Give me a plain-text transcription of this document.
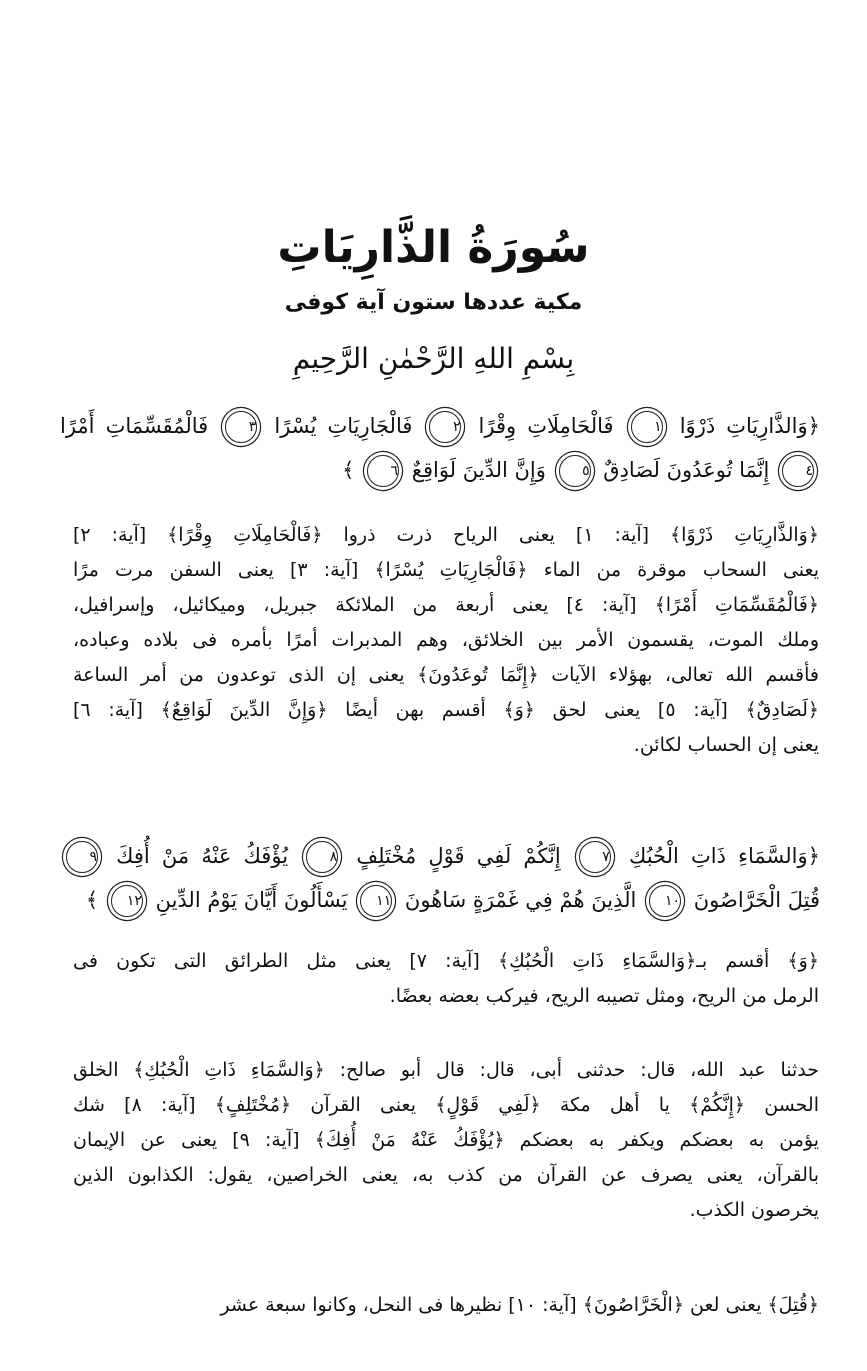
سُورَةُ الذَّارِيَاتِ
مكية عددها ستون آية كوفى
بِسْمِ اللهِ الرَّحْمٰنِ الرَّحِيمِ
﴿وَالذَّارِيَاتِ ذَرْوًا ١ فَالْحَامِلَاتِ وِقْرًا ٢ فَالْجَارِيَاتِ يُسْرًا ٣ فَالْمُقَسِّمَاتِ أَمْرًا
٤ إِنَّمَا تُوعَدُونَ لَصَادِقٌ ٥ وَإِنَّ الدِّينَ لَوَاقِعٌ ٦ ﴾
﴿وَالذَّارِيَاتِ ذَرْوًا﴾ [آية: ١] يعنى الرياح ذرت ذروا ﴿فَالْحَامِلَاتِ وِقْرًا﴾ [آية: ٢]
يعنى السحاب موقرة من الماء ﴿فَالْجَارِيَاتِ يُسْرًا﴾ [آية: ٣] يعنى السفن مرت مرًا
﴿فَالْمُقَسِّمَاتِ أَمْرًا﴾ [آية: ٤] يعنى أربعة من الملائكة جبريل، وميكائيل، وإسرافيل،
وملك الموت، يقسمون الأمر بين الخلائق، وهم المدبرات أمرًا بأمره فى بلاده وعباده،
فأقسم الله تعالى، بهؤلاء الآيات ﴿إِنَّمَا تُوعَدُونَ﴾ يعنى إن الذى توعدون من أمر الساعة
﴿لَصَادِقٌ﴾ [آية: ٥] يعنى لحق ﴿وَ﴾ أقسم بهن أيضًا ﴿وَإِنَّ الدِّينَ لَوَاقِعٌ﴾ [آية: ٦]
يعنى إن الحساب لكائن.
﴿وَالسَّمَاءِ ذَاتِ الْحُبُكِ ٧ إِنَّكُمْ لَفِي قَوْلٍ مُخْتَلِفٍ ٨ يُؤْفَكُ عَنْهُ مَنْ أُفِكَ ٩
قُتِلَ الْخَرَّاصُونَ ١٠ الَّذِينَ هُمْ فِي غَمْرَةٍ سَاهُونَ ١١ يَسْأَلُونَ أَيَّانَ يَوْمُ الدِّينِ ١٢ ﴾
﴿وَ﴾ أقسم بـ﴿وَالسَّمَاءِ ذَاتِ الْحُبُكِ﴾ [آية: ٧] يعنى مثل الطرائق التى تكون فى
الرمل من الريح، ومثل تصيبه الريح، فيركب بعضه بعضًا.
حدثنا عبد الله، قال: حدثنى أبى، قال: قال أبو صالح: ﴿وَالسَّمَاءِ ذَاتِ الْحُبُكِ﴾ الخلق
الحسن ﴿إِنَّكُمْ﴾ يا أهل مكة ﴿لَفِي قَوْلٍ﴾ يعنى القرآن ﴿مُخْتَلِفٍ﴾ [آية: ٨] شك
يؤمن به بعضكم ويكفر به بعضكم ﴿يُؤْفَكُ عَنْهُ مَنْ أُفِكَ﴾ [آية: ٩] يعنى عن الإيمان
بالقرآن، يعنى يصرف عن القرآن من كذب به، يعنى الخراصين، يقول: الكذابون الذين
يخرصون الكذب.
﴿قُتِلَ﴾ يعنى لعن ﴿الْخَرَّاصُونَ﴾ [آية: ١٠] نظيرها فى النحل، وكانوا سبعة عشر
